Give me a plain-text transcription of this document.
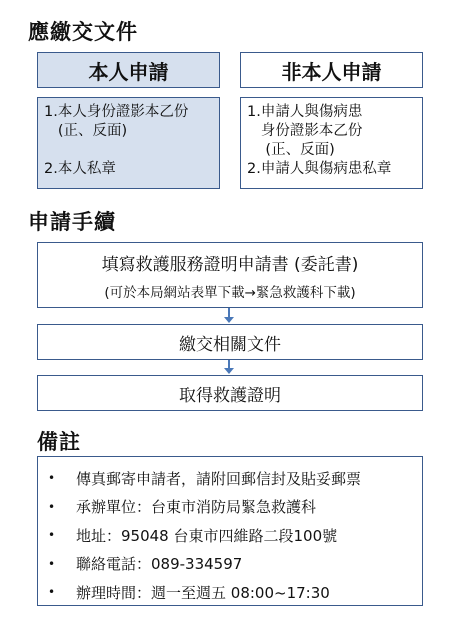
應繳交文件
本人申請	非本人申請
1.本人身份證影本乙份
(正、反面)
2.本人私章
1.申請人與傷病患
身份證影本乙份
(正、反面)
2.申請人與傷病患私章
申請手續
填寫救護服務證明申請書 (委託書)
(可於本局網站表單下載→緊急救護科下載)
繳交相關文件
取得救護證明
備註
•	傳真郵寄申請者，請附回郵信封及貼妥郵票
•	承辦單位：台東市消防局緊急救護科
•	地址：95048 台東市四維路二段100號
•	聯絡電話：089-334597
•	辦理時間：週一至週五 08:00~17:30
